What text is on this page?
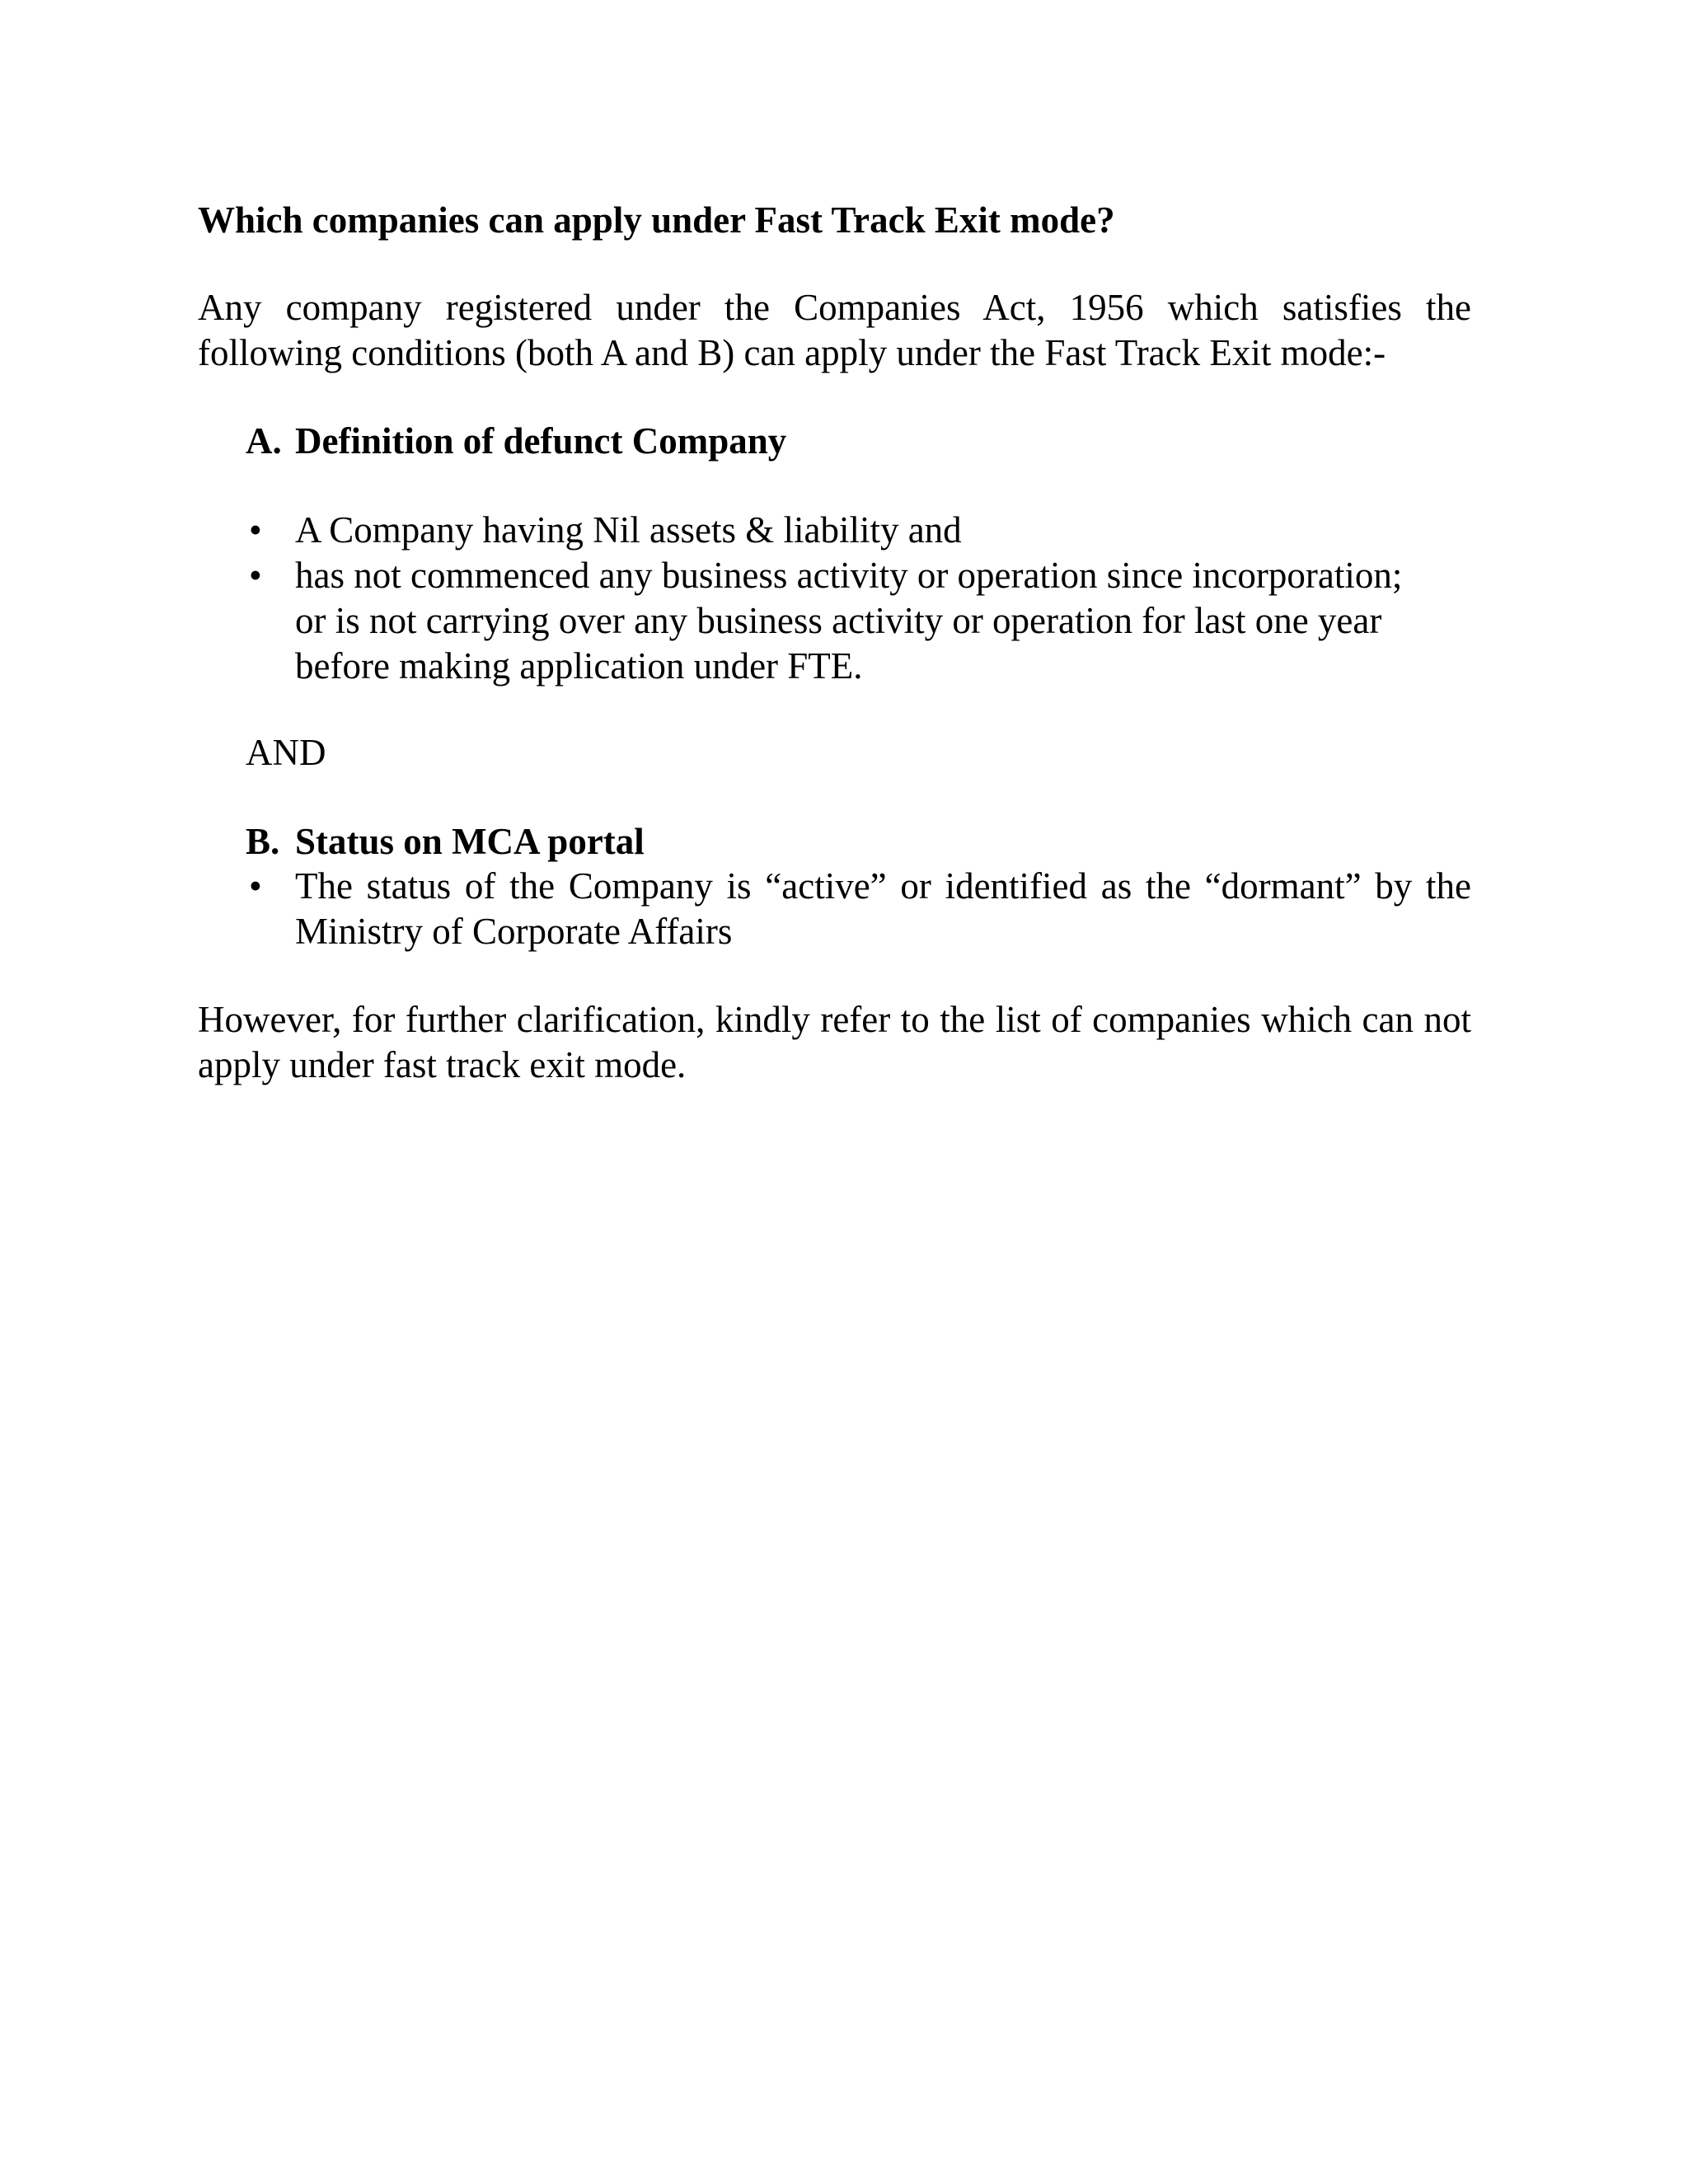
Which companies can apply under Fast Track Exit mode?

Any company registered under the Companies Act, 1956 which satisfies the following conditions (both A and B) can apply under the Fast Track Exit mode:-

A. Definition of defunct Company

• A Company having Nil assets & liability and
• has not commenced any business activity or operation since incorporation;
or is not carrying over any business activity or operation for last one year
before making application under FTE.

AND

B. Status on MCA portal

• The status of the Company is “active” or identified as the “dormant” by the Ministry of Corporate Affairs

However, for further clarification, kindly refer to the list of companies which can not apply under fast track exit mode.
